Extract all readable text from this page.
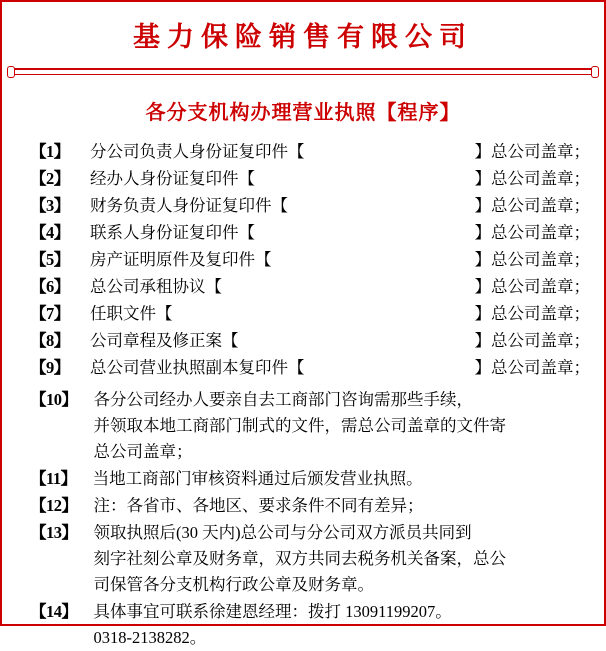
基力保险销售有限公司
各分支机构办理营业执照【程序】
【1】	分公司负责人身份证复印件【	】总公司盖章；
【2】	经办人身份证复印件【	】总公司盖章；
【3】	财务负责人身份证复印件【	】总公司盖章；
【4】	联系人身份证复印件【	】总公司盖章；
【5】	房产证明原件及复印件【	】总公司盖章；
【6】	总公司承租协议【	】总公司盖章；
【7】	任职文件【	】总公司盖章；
【8】	公司章程及修正案【	】总公司盖章；
【9】	总公司营业执照副本复印件【	】总公司盖章；
【10】 各分公司经办人要亲自去工商部门咨询需那些手续，
并领取本地工商部门制式的文件，需总公司盖章的文件寄
总公司盖章；
【11】 当地工商部门审核资料通过后颁发营业执照。
【12】 注：各省市、各地区、要求条件不同有差异；
【13】 领取执照后(30 天内)总公司与分公司双方派员共同到
刻字社刻公章及财务章，双方共同去税务机关备案，总公
司保管各分支机构行政公章及财务章。
【14】 具体事宜可联系徐建恩经理：拨打 13091199207。
0318-2138282。
